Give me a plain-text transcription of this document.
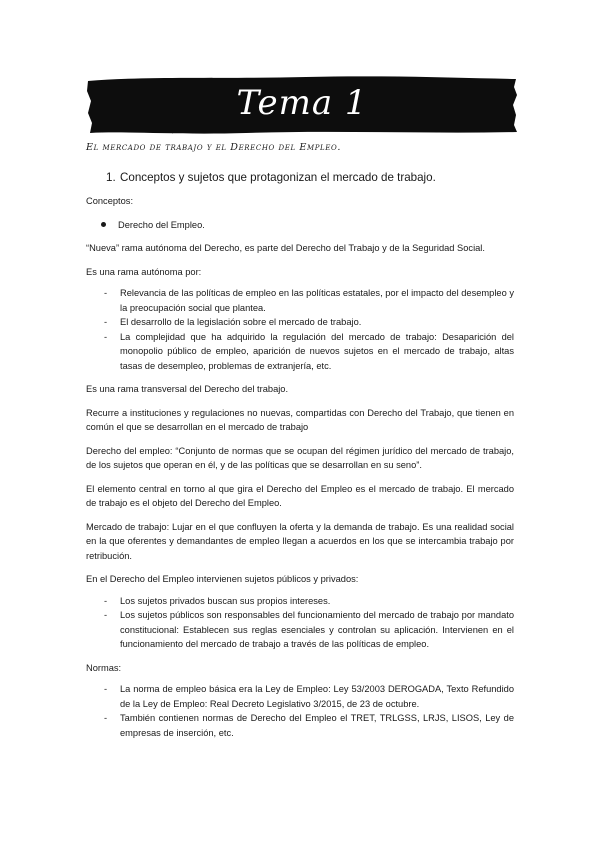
Tema 1

El mercado de trabajo y el Derecho del Empleo.

1. Conceptos y sujetos que protagonizan el mercado de trabajo.

Conceptos:

Derecho del Empleo.

“Nueva” rama autónoma del Derecho, es parte del Derecho del Trabajo y de la Seguridad Social.

Es una rama autónoma por:

-	Relevancia de las políticas de empleo en las políticas estatales, por el impacto del desempleo y la preocupación social que plantea.
-	El desarrollo de la legislación sobre el mercado de trabajo.
-	La complejidad que ha adquirido la regulación del mercado de trabajo: Desaparición del monopolio público de empleo, aparición de nuevos sujetos en el mercado de trabajo, altas tasas de desempleo, problemas de extranjería, etc.

Es una rama transversal del Derecho del trabajo.

Recurre a instituciones y regulaciones no nuevas, compartidas con Derecho del Trabajo, que tienen en común el que se desarrollan en el mercado de trabajo

Derecho del empleo: “Conjunto de normas que se ocupan del régimen jurídico del mercado de trabajo, de los sujetos que operan en él, y de las políticas que se desarrollan en su seno”.

El elemento central en torno al que gira el Derecho del Empleo es el mercado de trabajo. El mercado de trabajo es el objeto del Derecho del Empleo.

Mercado de trabajo: Lujar en el que confluyen la oferta y la demanda de trabajo. Es una realidad social en la que oferentes y demandantes de empleo llegan a acuerdos en los que se intercambia trabajo por retribución.

En el Derecho del Empleo intervienen sujetos públicos y privados:

-	Los sujetos privados buscan sus propios intereses.
-	Los sujetos públicos son responsables del funcionamiento del mercado de trabajo por mandato constitucional: Establecen sus reglas esenciales y controlan su aplicación. Intervienen en el funcionamiento del mercado de trabajo a través de las políticas de empleo.

Normas:

-	La norma de empleo básica era la Ley de Empleo: Ley 53/2003 DEROGADA, Texto Refundido de la Ley de Empleo: Real Decreto Legislativo 3/2015, de 23 de octubre.
-	También contienen normas de Derecho del Empleo el TRET, TRLGSS, LRJS, LISOS, Ley de empresas de inserción, etc.
